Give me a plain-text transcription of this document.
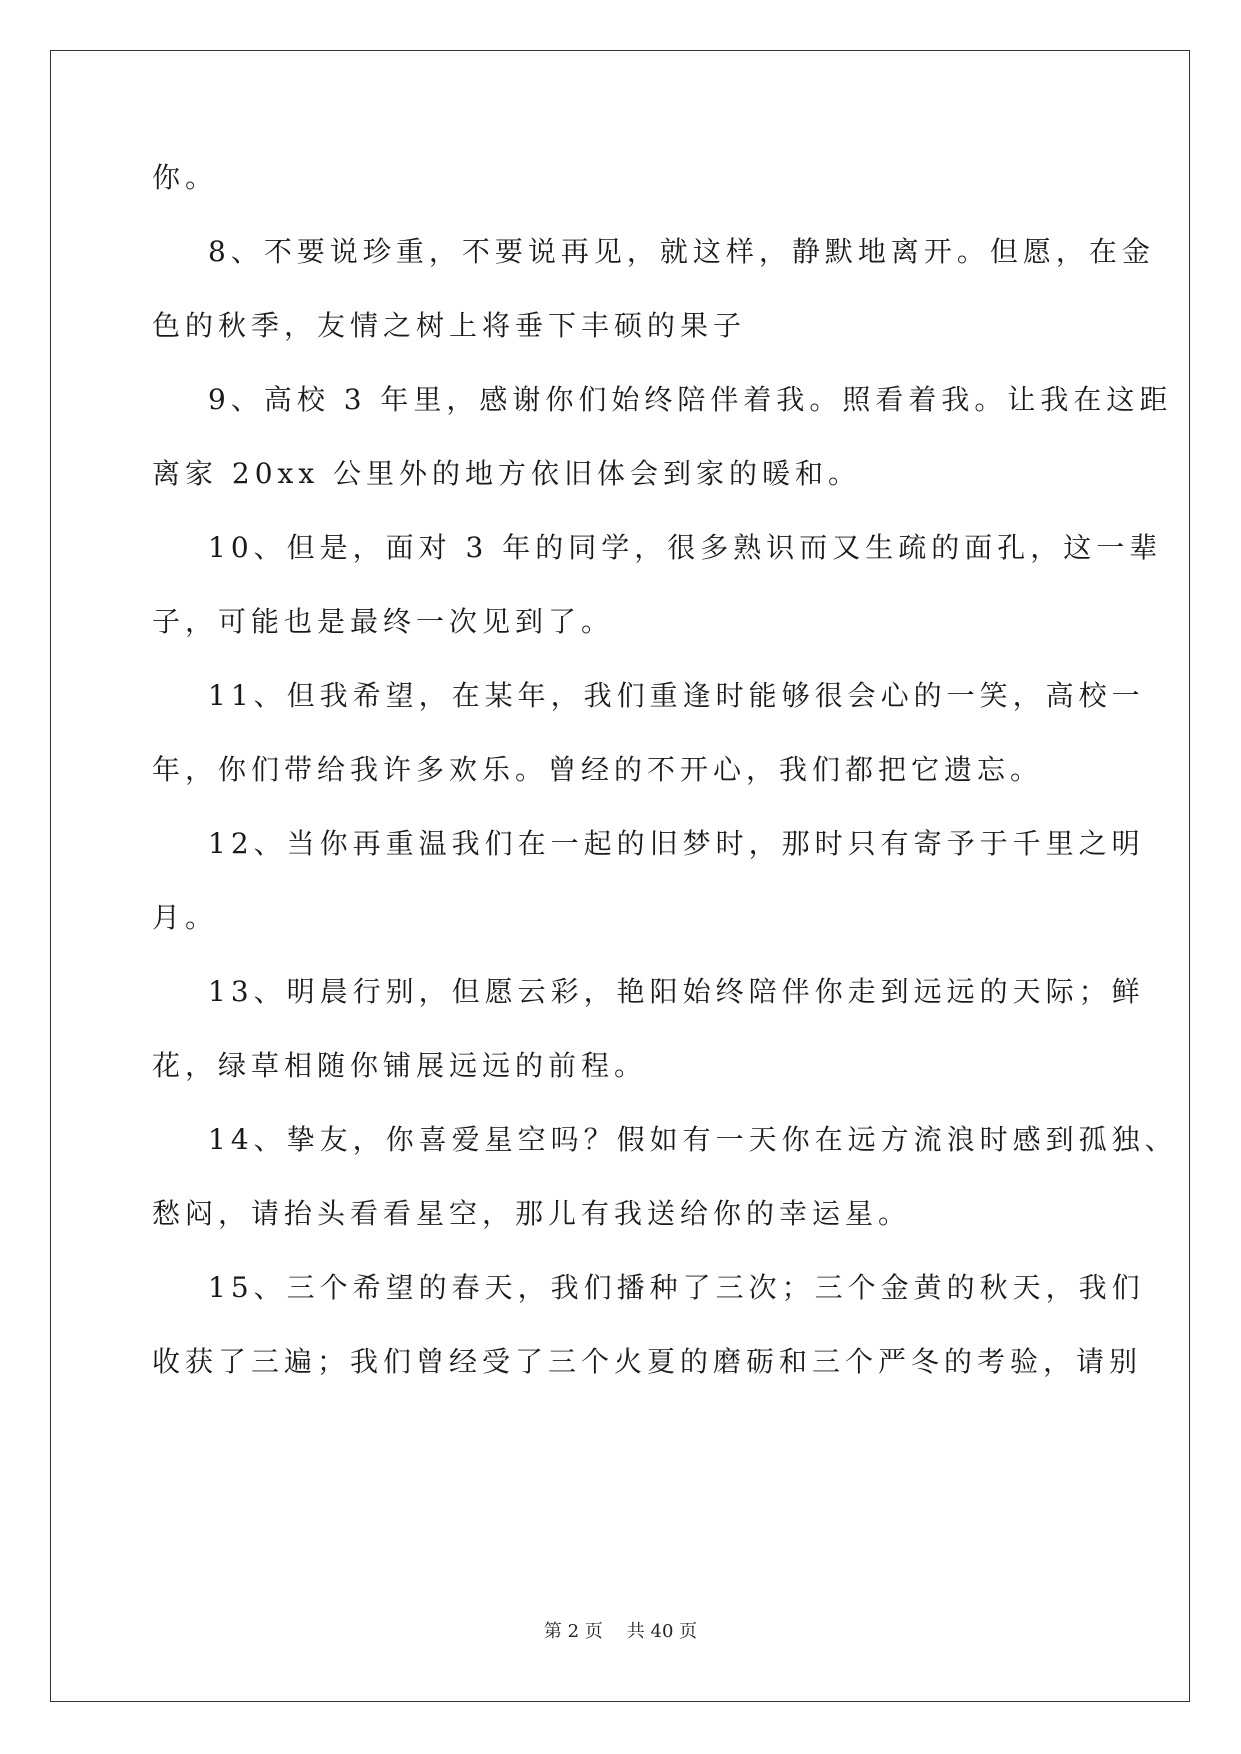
你。
8、不要说珍重，不要说再见，就这样，静默地离开。但愿，在金
色的秋季，友情之树上将垂下丰硕的果子
9、高校 3 年里，感谢你们始终陪伴着我。照看着我。让我在这距
离家 20xx 公里外的地方依旧体会到家的暖和。
10、但是，面对 3 年的同学，很多熟识而又生疏的面孔，这一辈
子，可能也是最终一次见到了。
11、但我希望，在某年，我们重逢时能够很会心的一笑，高校一
年，你们带给我许多欢乐。曾经的不开心，我们都把它遗忘。
12、当你再重温我们在一起的旧梦时，那时只有寄予于千里之明
月。
13、明晨行别，但愿云彩，艳阳始终陪伴你走到远远的天际；鲜
花，绿草相随你铺展远远的前程。
14、挚友，你喜爱星空吗？假如有一天你在远方流浪时感到孤独、
愁闷，请抬头看看星空，那儿有我送给你的幸运星。
15、三个希望的春天，我们播种了三次；三个金黄的秋天，我们
收获了三遍；我们曾经受了三个火夏的磨砺和三个严冬的考验，请别
第 2 页 共 40 页
